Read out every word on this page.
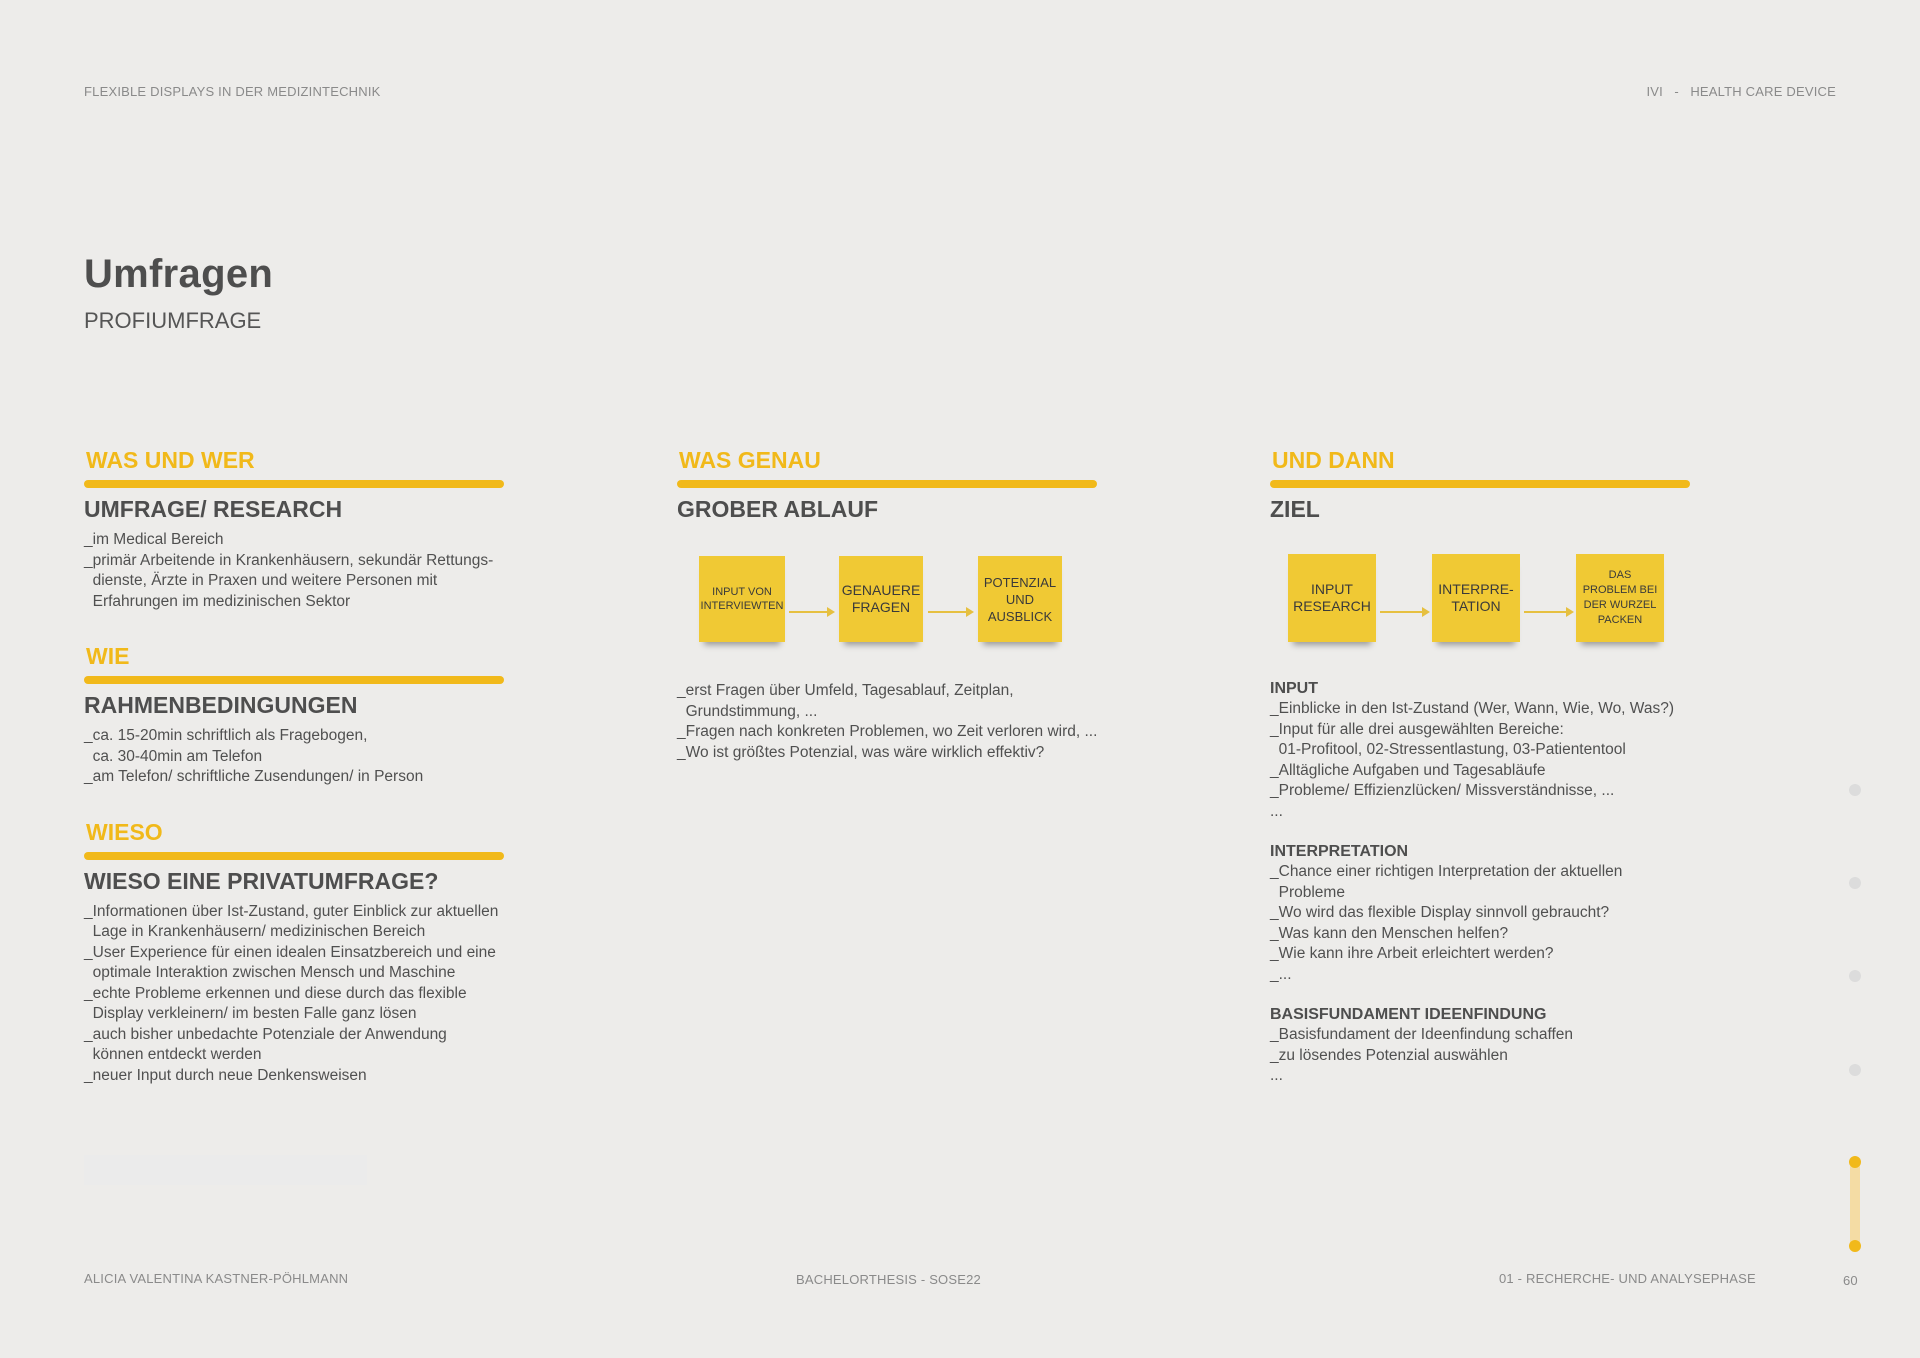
FLEXIBLE DISPLAYS IN DER MEDIZINTECHNIK	IVI   -   HEALTH CARE DEVICE
Umfragen
PROFIUMFRAGE
WAS UND WER
UMFRAGE/ RESEARCH
_im Medical Bereich
_primär Arbeitende in Krankenhäusern, sekundär Rettungs-
dienste, Ärzte in Praxen und weitere Personen mit
Erfahrungen im medizinischen Sektor
WIE
RAHMENBEDINGUNGEN
_ca. 15-20min schriftlich als Fragebogen,
ca. 30-40min am Telefon
_am Telefon/ schriftliche Zusendungen/ in Person
WIESO
WIESO EINE PRIVATUMFRAGE?
_Informationen über Ist-Zustand, guter Einblick zur aktuellen
Lage in Krankenhäusern/ medizinischen Bereich
_User Experience für einen idealen Einsatzbereich und eine
optimale Interaktion zwischen Mensch und Maschine
_echte Probleme erkennen und diese durch das flexible
Display verkleinern/ im besten Falle ganz lösen
_auch bisher unbedachte Potenziale der Anwendung
können entdeckt werden
_neuer Input durch neue Denkensweisen
WAS GENAU
GROBER ABLAUF
INPUT VON
INTERVIEWTEN
GENAUERE
FRAGEN
POTENZIAL
UND
AUSBLICK
_erst Fragen über Umfeld, Tagesablauf, Zeitplan,
Grundstimmung, ...
_Fragen nach konkreten Problemen, wo Zeit verloren wird, ...
_Wo ist größtes Potenzial, was wäre wirklich effektiv?
UND DANN
ZIEL
INPUT
RESEARCH
INTERPRE-
TATION
DAS
PROBLEM BEI
DER WURZEL
PACKEN
INPUT
_Einblicke in den Ist-Zustand (Wer, Wann, Wie, Wo, Was?)
_Input für alle drei ausgewählten Bereiche:
01-Profitool, 02-Stressentlastung, 03-Patiententool
_Alltägliche Aufgaben und Tagesabläufe
_Probleme/ Effizienzlücken/ Missverständnisse, ...
...
INTERPRETATION
_Chance einer richtigen Interpretation der aktuellen
Probleme
_Wo wird das flexible Display sinnvoll gebraucht?
_Was kann den Menschen helfen?
_Wie kann ihre Arbeit erleichtert werden?
_...
BASISFUNDAMENT IDEENFINDUNG
_Basisfundament der Ideenfindung schaffen
_zu lösendes Potenzial auswählen
...
ALICIA VALENTINA KASTNER-PÖHLMANN	BACHELORTHESIS - SOSE22	01 - RECHERCHE- UND ANALYSEPHASE	60
